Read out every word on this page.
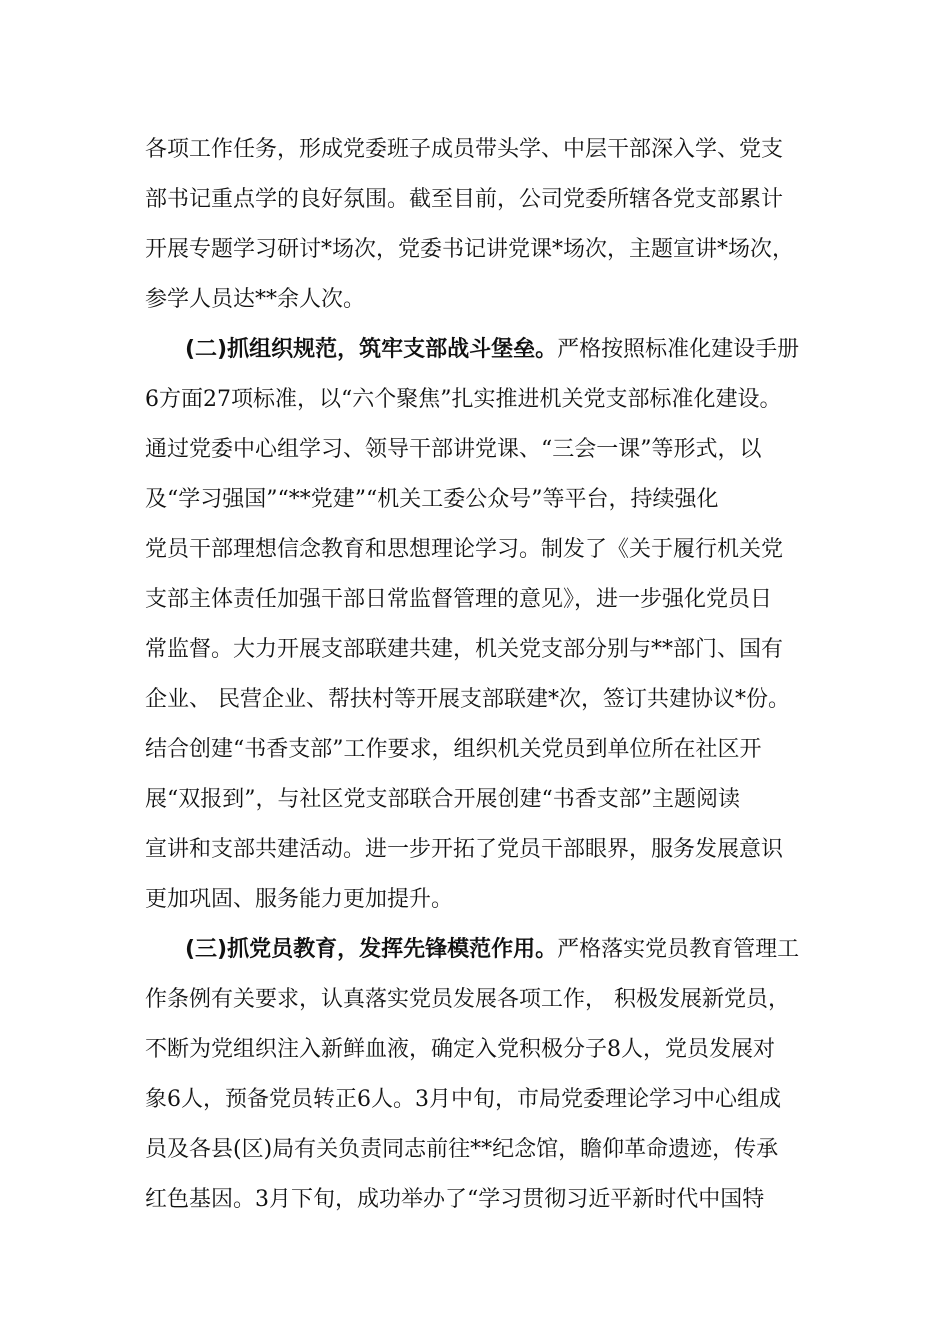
各项工作任务，形成党委班子成员带头学、中层干部深入学、党支
部书记重点学的良好氛围。截至目前，公司党委所辖各党支部累计
开展专题学习研讨*场次，党委书记讲党课*场次，主题宣讲*场次，
参学人员达**余人次。
(二)抓组织规范，筑牢支部战斗堡垒。严格按照标准化建设手册
6方面27项标准，以“六个聚焦”扎实推进机关党支部标准化建设。
通过党委中心组学习、领导干部讲党课、“三会一课”等形式，以
及“学习强国”“**党建”“机关工委公众号”等平台，持续强化
党员干部理想信念教育和思想理论学习。制发了《关于履行机关党
支部主体责任加强干部日常监督管理的意见》，进一步强化党员日
常监督。大力开展支部联建共建，机关党支部分别与**部门、国有
企业、 民营企业、帮扶村等开展支部联建*次，签订共建协议*份。
结合创建“书香支部”工作要求，组织机关党员到单位所在社区开
展“双报到”，与社区党支部联合开展创建“书香支部”主题阅读
宣讲和支部共建活动。进一步开拓了党员干部眼界，服务发展意识
更加巩固、服务能力更加提升。
(三)抓党员教育，发挥先锋模范作用。严格落实党员教育管理工
作条例有关要求，认真落实党员发展各项工作， 积极发展新党员，
不断为党组织注入新鲜血液，确定入党积极分子8人，党员发展对
象6人，预备党员转正6人。3月中旬，市局党委理论学习中心组成
员及各县(区)局有关负责同志前往**纪念馆，瞻仰革命遗迹，传承
红色基因。3月下旬，成功举办了“学习贯彻习近平新时代中国特
